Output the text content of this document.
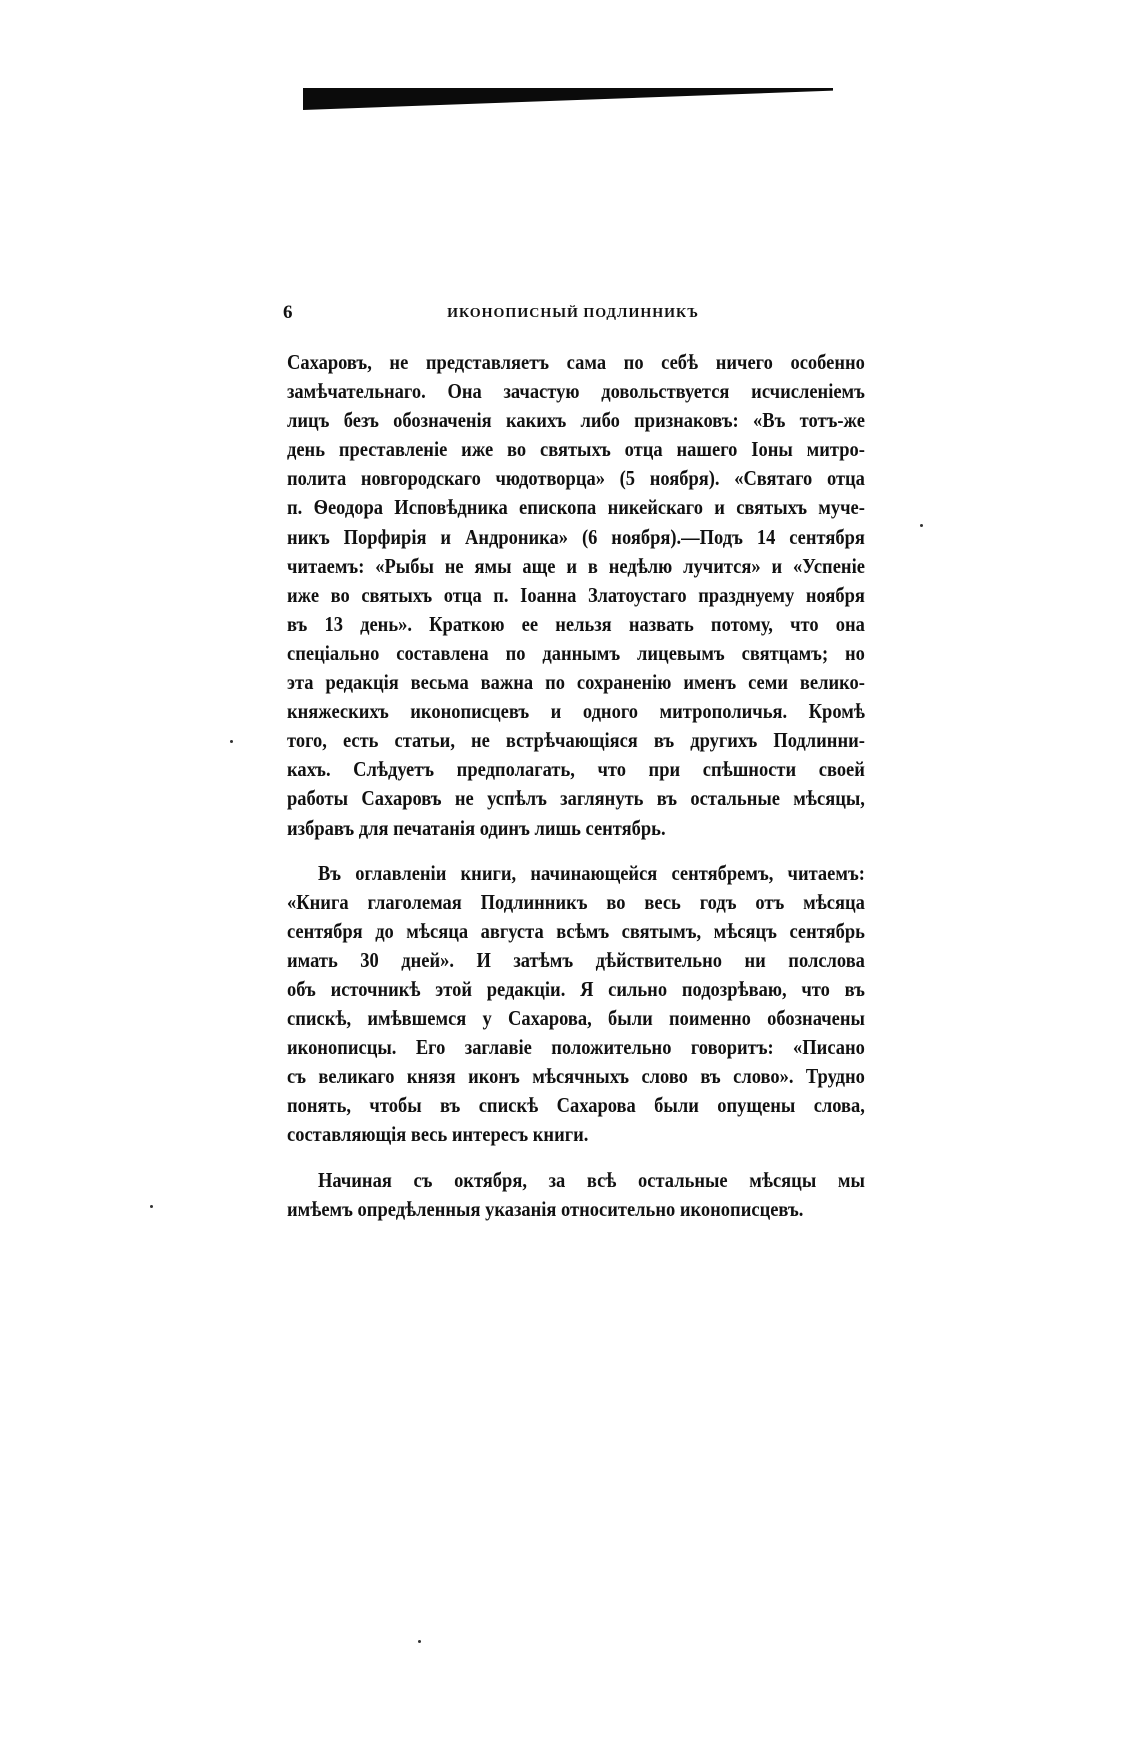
6	ИКОНОПИСНЫЙ ПОДЛИННИКЪ
Сахаровъ, не представляетъ сама по себѣ ничего особенно
замѣчательнаго. Она зачастую довольствуется исчисленіемъ
лицъ безъ обозначенія какихъ либо признаковъ: «Въ тотъ-же
день преставленіе иже во святыхъ отца нашего Іоны митро-
полита новгородскаго чюдотворца» (5 ноября). «Святаго отца
п. Ѳеодора Исповѣдника епископа никейскаго и святыхъ муче-
никъ Порфирія и Андроника» (6 ноября).—Подъ 14 сентября
читаемъ: «Рыбы не ямы аще и в недѣлю лучится» и «Успеніе
иже во святыхъ отца п. Іоанна Златоустаго празднуему ноября
въ 13 день». Краткою ее нельзя назвать потому, что она
спеціально составлена по даннымъ лицевымъ святцамъ; но
эта редакція весьма важна по сохраненію именъ семи велико-
княжескихъ иконописцевъ и одного митрополичья. Кромѣ
того, есть статьи, не встрѣчающіяся въ другихъ Подлинни-
кахъ. Слѣдуетъ предполагать, что при спѣшности своей
работы Сахаровъ не успѣлъ заглянуть въ остальные мѣсяцы,
избравъ для печатанія одинъ лишь сентябрь.
Въ оглавленіи книги, начинающейся сентябремъ, читаемъ:
«Книга глаголемая Подлинникъ во весь годъ отъ мѣсяца
сентября до мѣсяца августа всѣмъ святымъ, мѣсяцъ сентябрь
имать 30 дней». И затѣмъ дѣйствительно ни полслова
объ источникѣ этой редакціи. Я сильно подозрѣваю, что въ
спискѣ, имѣвшемся у Сахарова, были поименно обозначены
иконописцы. Его заглавіе положительно говоритъ: «Писано
съ великаго князя иконъ мѣсячныхъ слово въ слово». Трудно
понять, чтобы въ спискѣ Сахарова были опущены слова,
составляющія весь интересъ книги.
Начиная съ октября, за всѣ остальные мѣсяцы мы
имѣемъ опредѣленныя указанія относительно иконописцевъ.
